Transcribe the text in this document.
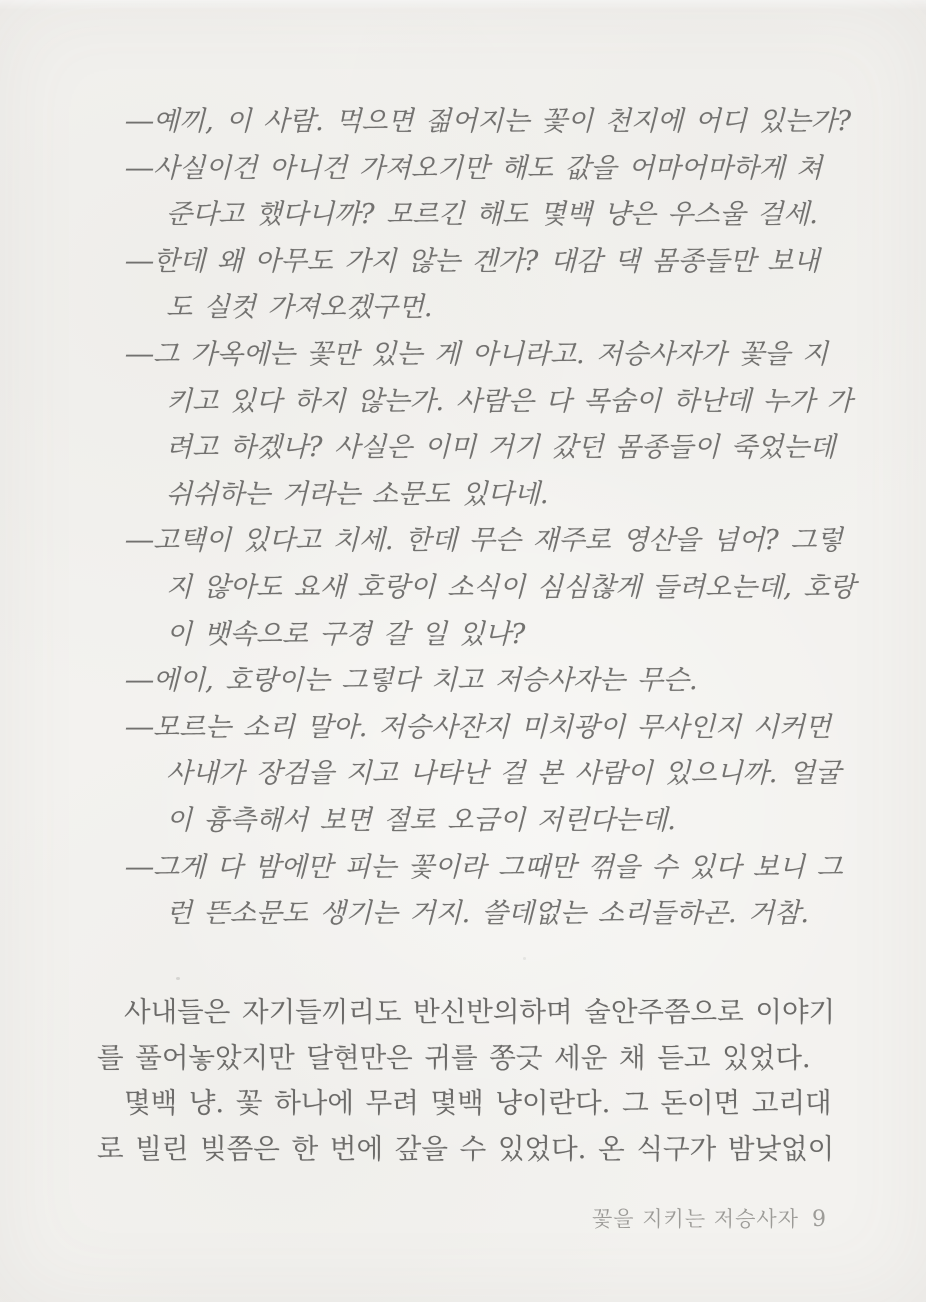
―예끼, 이 사람. 먹으면 젊어지는 꽃이 천지에 어디 있는가?

―사실이건 아니건 가져오기만 해도 값을 어마어마하게 쳐

준다고 했다니까? 모르긴 해도 몇백 냥은 우스울 걸세.

―한데 왜 아무도 가지 않는 겐가? 대감 댁 몸종들만 보내

도 실컷 가져오겠구먼.

―그 가옥에는 꽃만 있는 게 아니라고. 저승사자가 꽃을 지

키고 있다 하지 않는가. 사람은 다 목숨이 하난데 누가 가

려고 하겠나? 사실은 이미 거기 갔던 몸종들이 죽었는데

쉬쉬하는 거라는 소문도 있다네.

―고택이 있다고 치세. 한데 무슨 재주로 영산을 넘어? 그렇

지 않아도 요새 호랑이 소식이 심심찮게 들려오는데, 호랑

이 뱃속으로 구경 갈 일 있나?

―에이, 호랑이는 그렇다 치고 저승사자는 무슨.

―모르는 소리 말아. 저승사잔지 미치광이 무사인지 시커먼

사내가 장검을 지고 나타난 걸 본 사람이 있으니까. 얼굴

이 흉측해서 보면 절로 오금이 저린다는데.

―그게 다 밤에만 피는 꽃이라 그때만 꺾을 수 있다 보니 그

런 뜬소문도 생기는 거지. 쓸데없는 소리들하곤. 거참.

사내들은 자기들끼리도 반신반의하며 술안주쯤으로 이야기

를 풀어놓았지만 달현만은 귀를 쫑긋 세운 채 듣고 있었다.

몇백 냥. 꽃 하나에 무려 몇백 냥이란다. 그 돈이면 고리대

로 빌린 빚쯤은 한 번에 갚을 수 있었다. 온 식구가 밤낮없이

꽃을 지키는 저승사자 9
